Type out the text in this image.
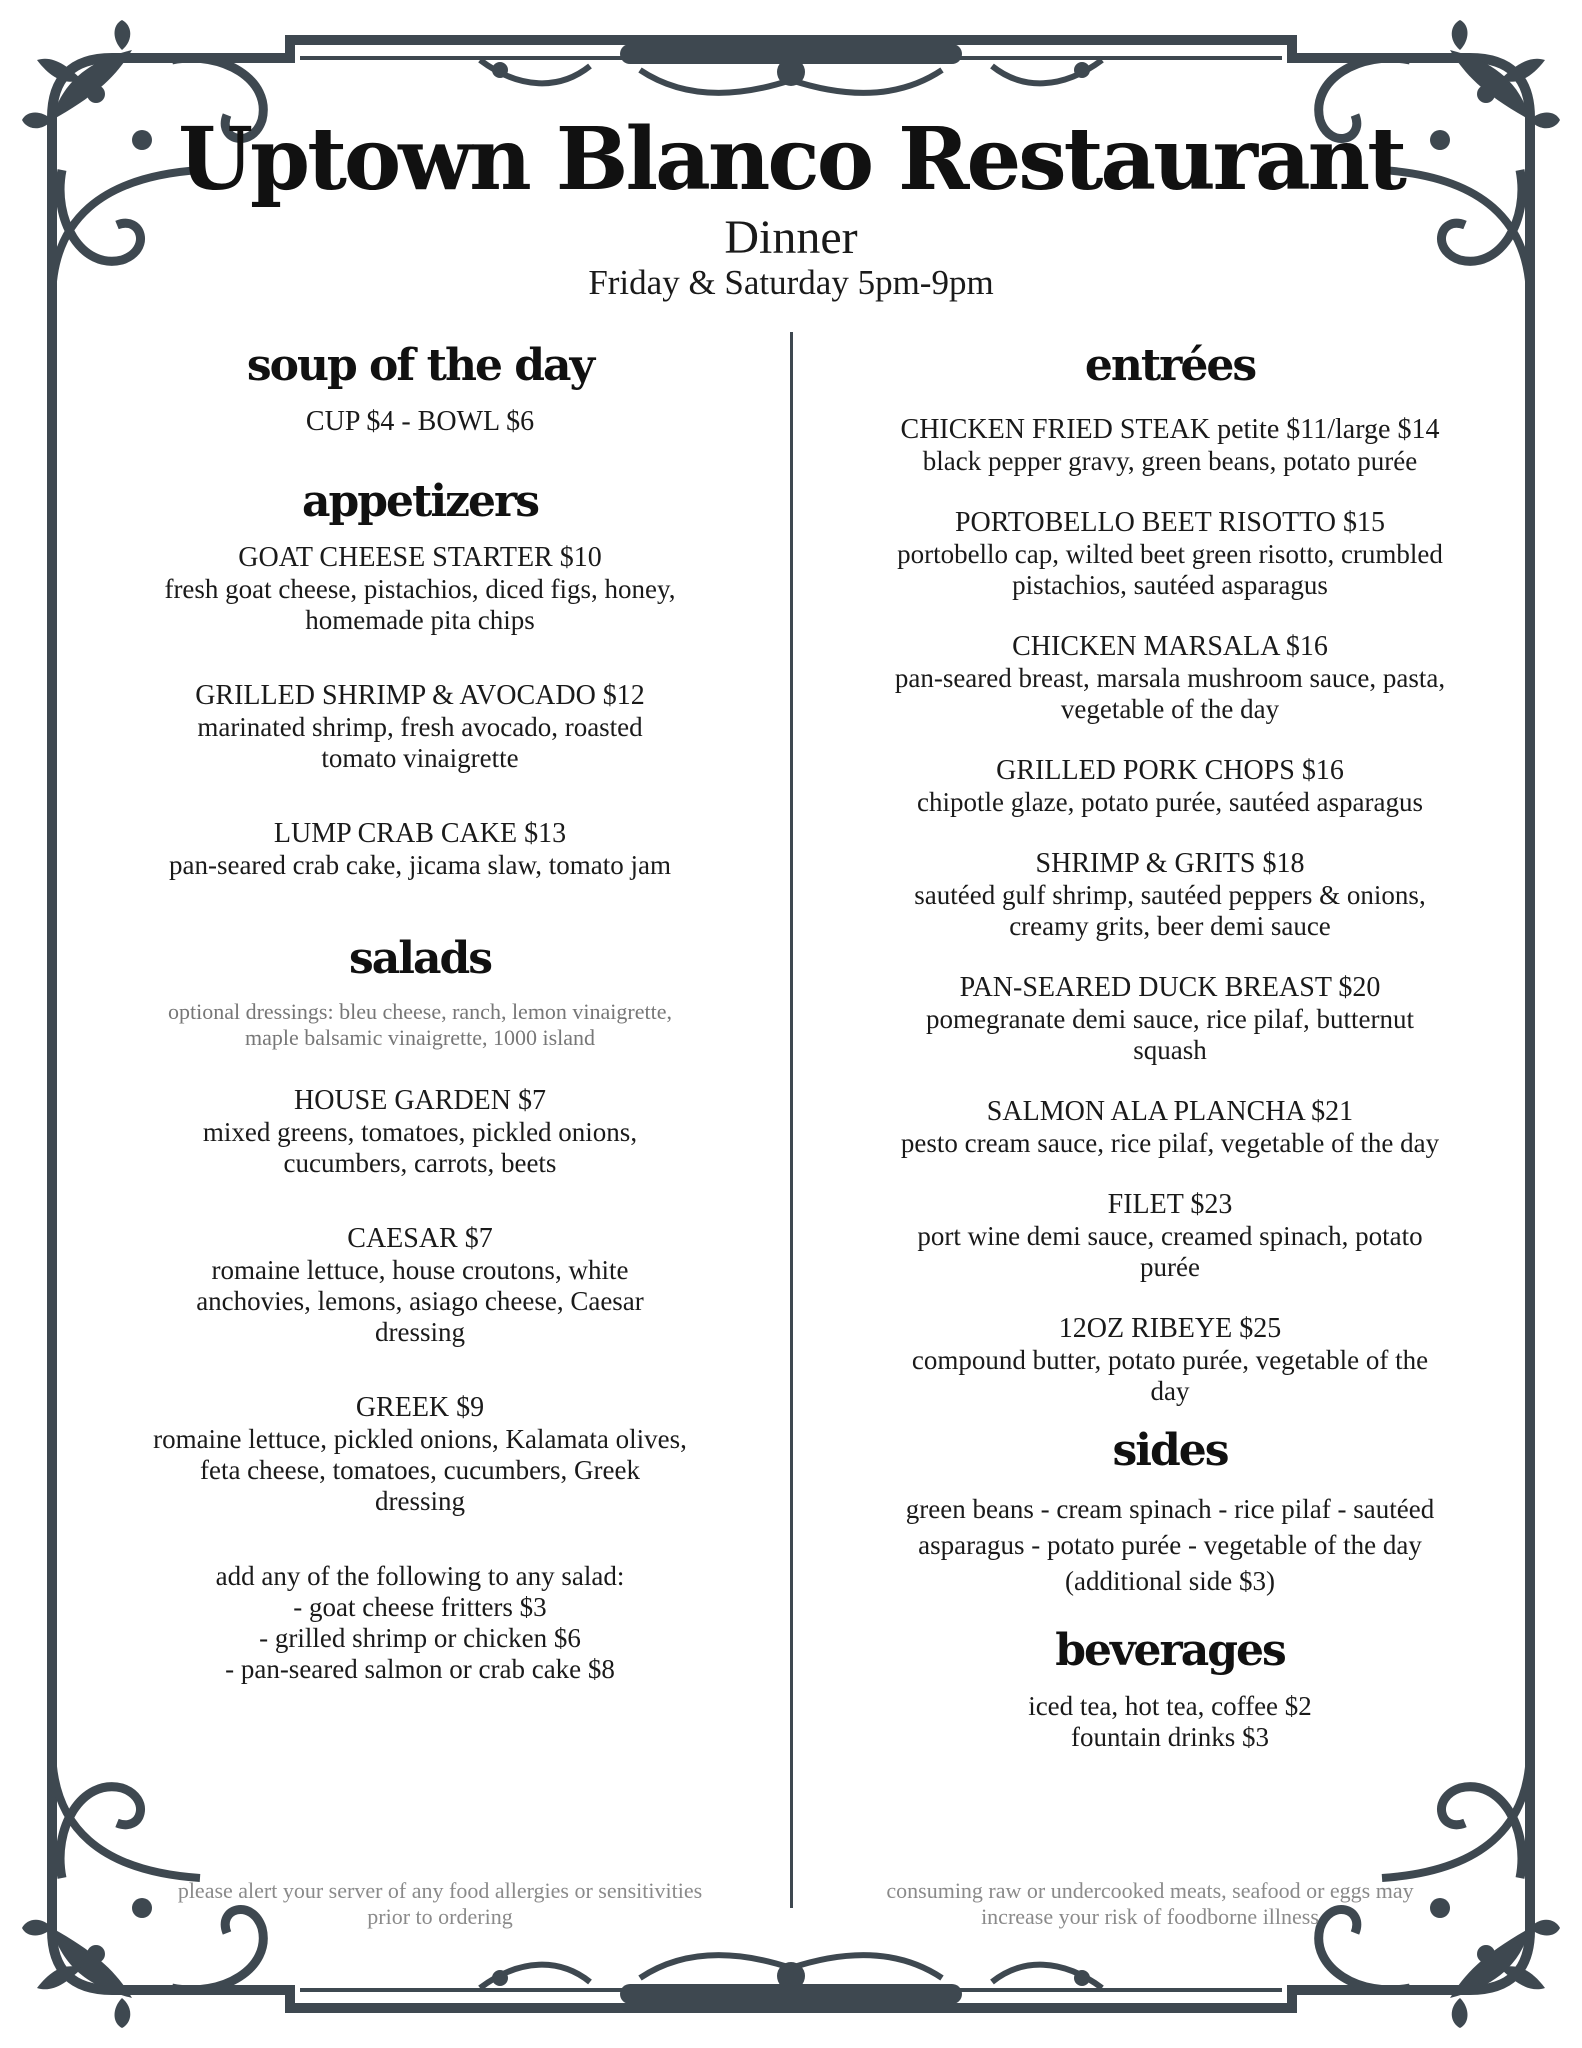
Uptown Blanco Restaurant
Dinner
Friday & Saturday 5pm-9pm
soup of the day
CUP $4 - BOWL $6
appetizers
GOAT CHEESE STARTER $10
fresh goat cheese, pistachios, diced figs, honey,
homemade pita chips
GRILLED SHRIMP & AVOCADO $12
marinated shrimp, fresh avocado, roasted
tomato vinaigrette
LUMP CRAB CAKE $13
pan-seared crab cake, jicama slaw, tomato jam
salads
optional dressings: bleu cheese, ranch, lemon vinaigrette,
maple balsamic vinaigrette, 1000 island
HOUSE GARDEN $7
mixed greens, tomatoes, pickled onions,
cucumbers, carrots, beets
CAESAR $7
romaine lettuce, house croutons, white
anchovies, lemons, asiago cheese, Caesar
dressing
GREEK $9
romaine lettuce, pickled onions, Kalamata olives,
feta cheese, tomatoes, cucumbers, Greek
dressing
add any of the following to any salad:
- goat cheese fritters $3
- grilled shrimp or chicken $6
- pan-seared salmon or crab cake $8
entrées
CHICKEN FRIED STEAK petite $11/large $14
black pepper gravy, green beans, potato purée
PORTOBELLO BEET RISOTTO $15
portobello cap, wilted beet green risotto, crumbled
pistachios, sautéed asparagus
CHICKEN MARSALA $16
pan-seared breast, marsala mushroom sauce, pasta,
vegetable of the day
GRILLED PORK CHOPS $16
chipotle glaze, potato purée, sautéed asparagus
SHRIMP & GRITS $18
sautéed gulf shrimp, sautéed peppers & onions,
creamy grits, beer demi sauce
PAN-SEARED DUCK BREAST $20
pomegranate demi sauce, rice pilaf, butternut
squash
SALMON ALA PLANCHA $21
pesto cream sauce, rice pilaf, vegetable of the day
FILET $23
port wine demi sauce, creamed spinach, potato
purée
12OZ RIBEYE $25
compound butter, potato purée, vegetable of the
day
sides
green beans - cream spinach - rice pilaf - sautéed
asparagus - potato purée - vegetable of the day
(additional side $3)
beverages
iced tea, hot tea, coffee $2
fountain drinks $3
please alert your server of any food allergies or sensitivities
prior to ordering
consuming raw or undercooked meats, seafood or eggs may
increase your risk of foodborne illness
